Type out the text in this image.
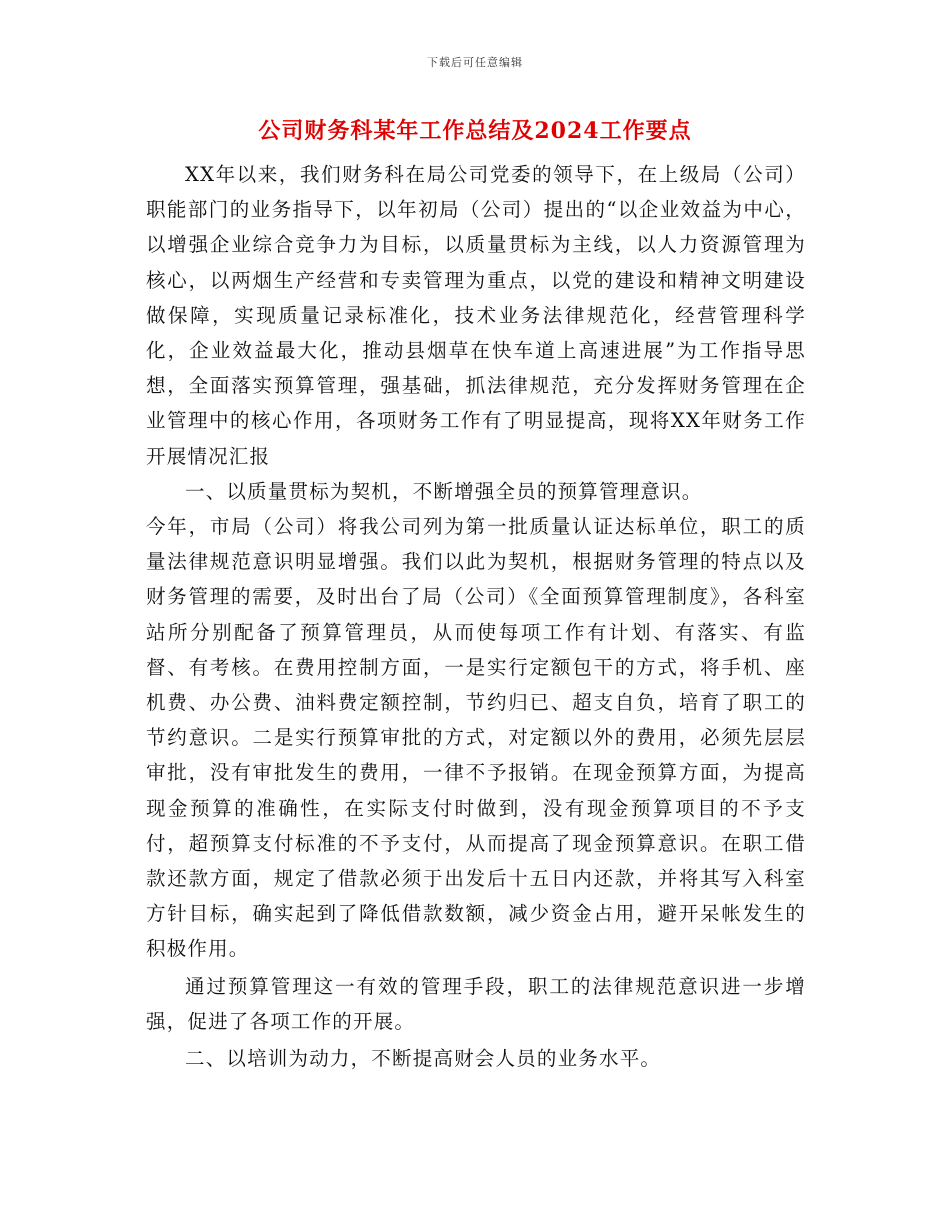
下载后可任意编辑
公司财务科某年工作总结及2024工作要点

XX年以来，我们财务科在局公司党委的领导下，在上级局（公司）职能部门的业务指导下，以年初局（公司）提出的“以企业效益为中心，以增强企业综合竞争力为目标，以质量贯标为主线，以人力资源管理为核心，以两烟生产经营和专卖管理为重点，以党的建设和精神文明建设做保障，实现质量记录标准化，技术业务法律规范化，经营管理科学化，企业效益最大化，推动县烟草在快车道上高速进展”为工作指导思想，全面落实预算管理，强基础，抓法律规范，充分发挥财务管理在企业管理中的核心作用，各项财务工作有了明显提高，现将XX年财务工作开展情况汇报

一、以质量贯标为契机，不断增强全员的预算管理意识。

今年，市局（公司）将我公司列为第一批质量认证达标单位，职工的质量法律规范意识明显增强。我们以此为契机，根据财务管理的特点以及财务管理的需要，及时出台了局（公司）《全面预算管理制度》，各科室站所分别配备了预算管理员，从而使每项工作有计划、有落实、有监督、有考核。在费用控制方面，一是实行定额包干的方式，将手机、座机费、办公费、油料费定额控制，节约归已、超支自负，培育了职工的节约意识。二是实行预算审批的方式，对定额以外的费用，必须先层层审批，没有审批发生的费用，一律不予报销。在现金预算方面，为提高现金预算的准确性，在实际支付时做到，没有现金预算项目的不予支付，超预算支付标准的不予支付，从而提高了现金预算意识。在职工借款还款方面，规定了借款必须于出发后十五日内还款，并将其写入科室方针目标，确实起到了降低借款数额，减少资金占用，避开呆帐发生的积极作用。

通过预算管理这一有效的管理手段，职工的法律规范意识进一步增强，促进了各项工作的开展。

二、以培训为动力，不断提高财会人员的业务水平。
